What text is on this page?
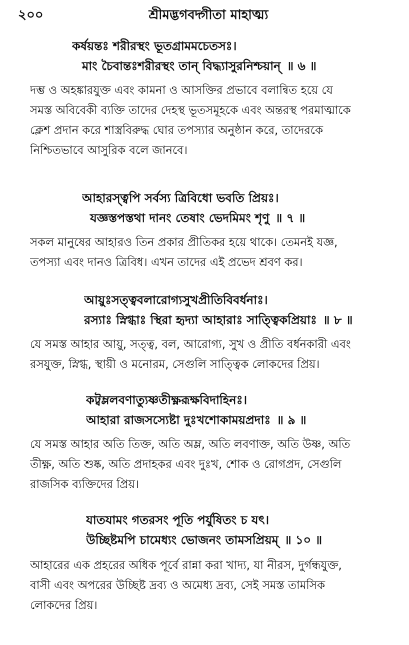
২০০	শ্রীমদ্ভগবদ্গীতা মাহাত্ম্য
কর্ষয়ন্তঃ শরীরস্থং ভূতগ্রামমচেতসঃ।
মাং চৈবান্তঃশরীরস্থং তান্ বিদ্ধ্যাসুরনিশ্চয়ান্ ॥ ৬ ॥
দম্ভ ও অহঙ্কারযুক্ত এবং কামনা ও আসক্তির প্রভাবে বলান্বিত হয়ে যে
সমস্ত অবিবেকী ব্যক্তি তাদের দেহস্থ ভূতসমূহকে এবং অন্তরস্থ পরমাত্মাকে
ক্লেশ প্রদান করে শাস্ত্রবিরুদ্ধ ঘোর তপস্যার অনুষ্ঠান করে, তাদেরকে
নিশ্চিতভাবে আসুরিক বলে জানবে।
আহারস্ত্বপি সর্বস্য ত্রিবিধো ভবতি প্রিয়ঃ।
যজ্ঞস্তপস্তথা দানং তেষাং ভেদমিমং শৃণু ॥ ৭ ॥
সকল মানুষের আহারও তিন প্রকার প্রীতিকর হয়ে থাকে। তেমনই যজ্ঞ,
তপস্যা এবং দানও ত্রিবিধ। এখন তাদের এই প্রভেদ শ্রবণ কর।
আয়ুঃসত্ত্ববলারোগ্যসুখপ্রীতিবিবর্ধনাঃ।
রস্যাঃ স্নিগ্ধাঃ স্থিরা হৃদ্যা আহারাঃ সাত্ত্বিকপ্রিয়াঃ ॥ ৮ ॥
যে সমস্ত আহার আয়ু, সত্ত্ব, বল, আরোগ্য, সুখ ও প্রীতি বর্ধনকারী এবং
রসযুক্ত, স্নিগ্ধ, স্থায়ী ও মনোরম, সেগুলি সাত্ত্বিক লোকদের প্রিয়।
কট্বম্ললবণাত্যুষ্ণতীক্ষ্ণরূক্ষবিদাহিনঃ।
আহারা রাজসস্যেষ্টা দুঃখশোকাময়প্রদাঃ ॥ ৯ ॥
যে সমস্ত আহার অতি তিক্ত, অতি অম্ল, অতি লবণাক্ত, অতি উষ্ণ, অতি
তীক্ষ্ণ, অতি শুষ্ক, অতি প্রদাহকর এবং দুঃখ, শোক ও রোগপ্রদ, সেগুলি
রাজসিক ব্যক্তিদের প্রিয়।
যাতযামং গতরসং পূতি পর্যুষিতং চ যৎ।
উচ্ছিষ্টমপি চামেধ্যং ভোজনং তামসপ্রিয়ম্ ॥ ১০ ॥
আহারের এক প্রহরের অধিক পূর্বে রান্না করা খাদ্য, যা নীরস, দুর্গন্ধযুক্ত,
বাসী এবং অপরের উচ্ছিষ্ট দ্রব্য ও অমেধ্য দ্রব্য, সেই সমস্ত তামসিক
লোকদের প্রিয়।
